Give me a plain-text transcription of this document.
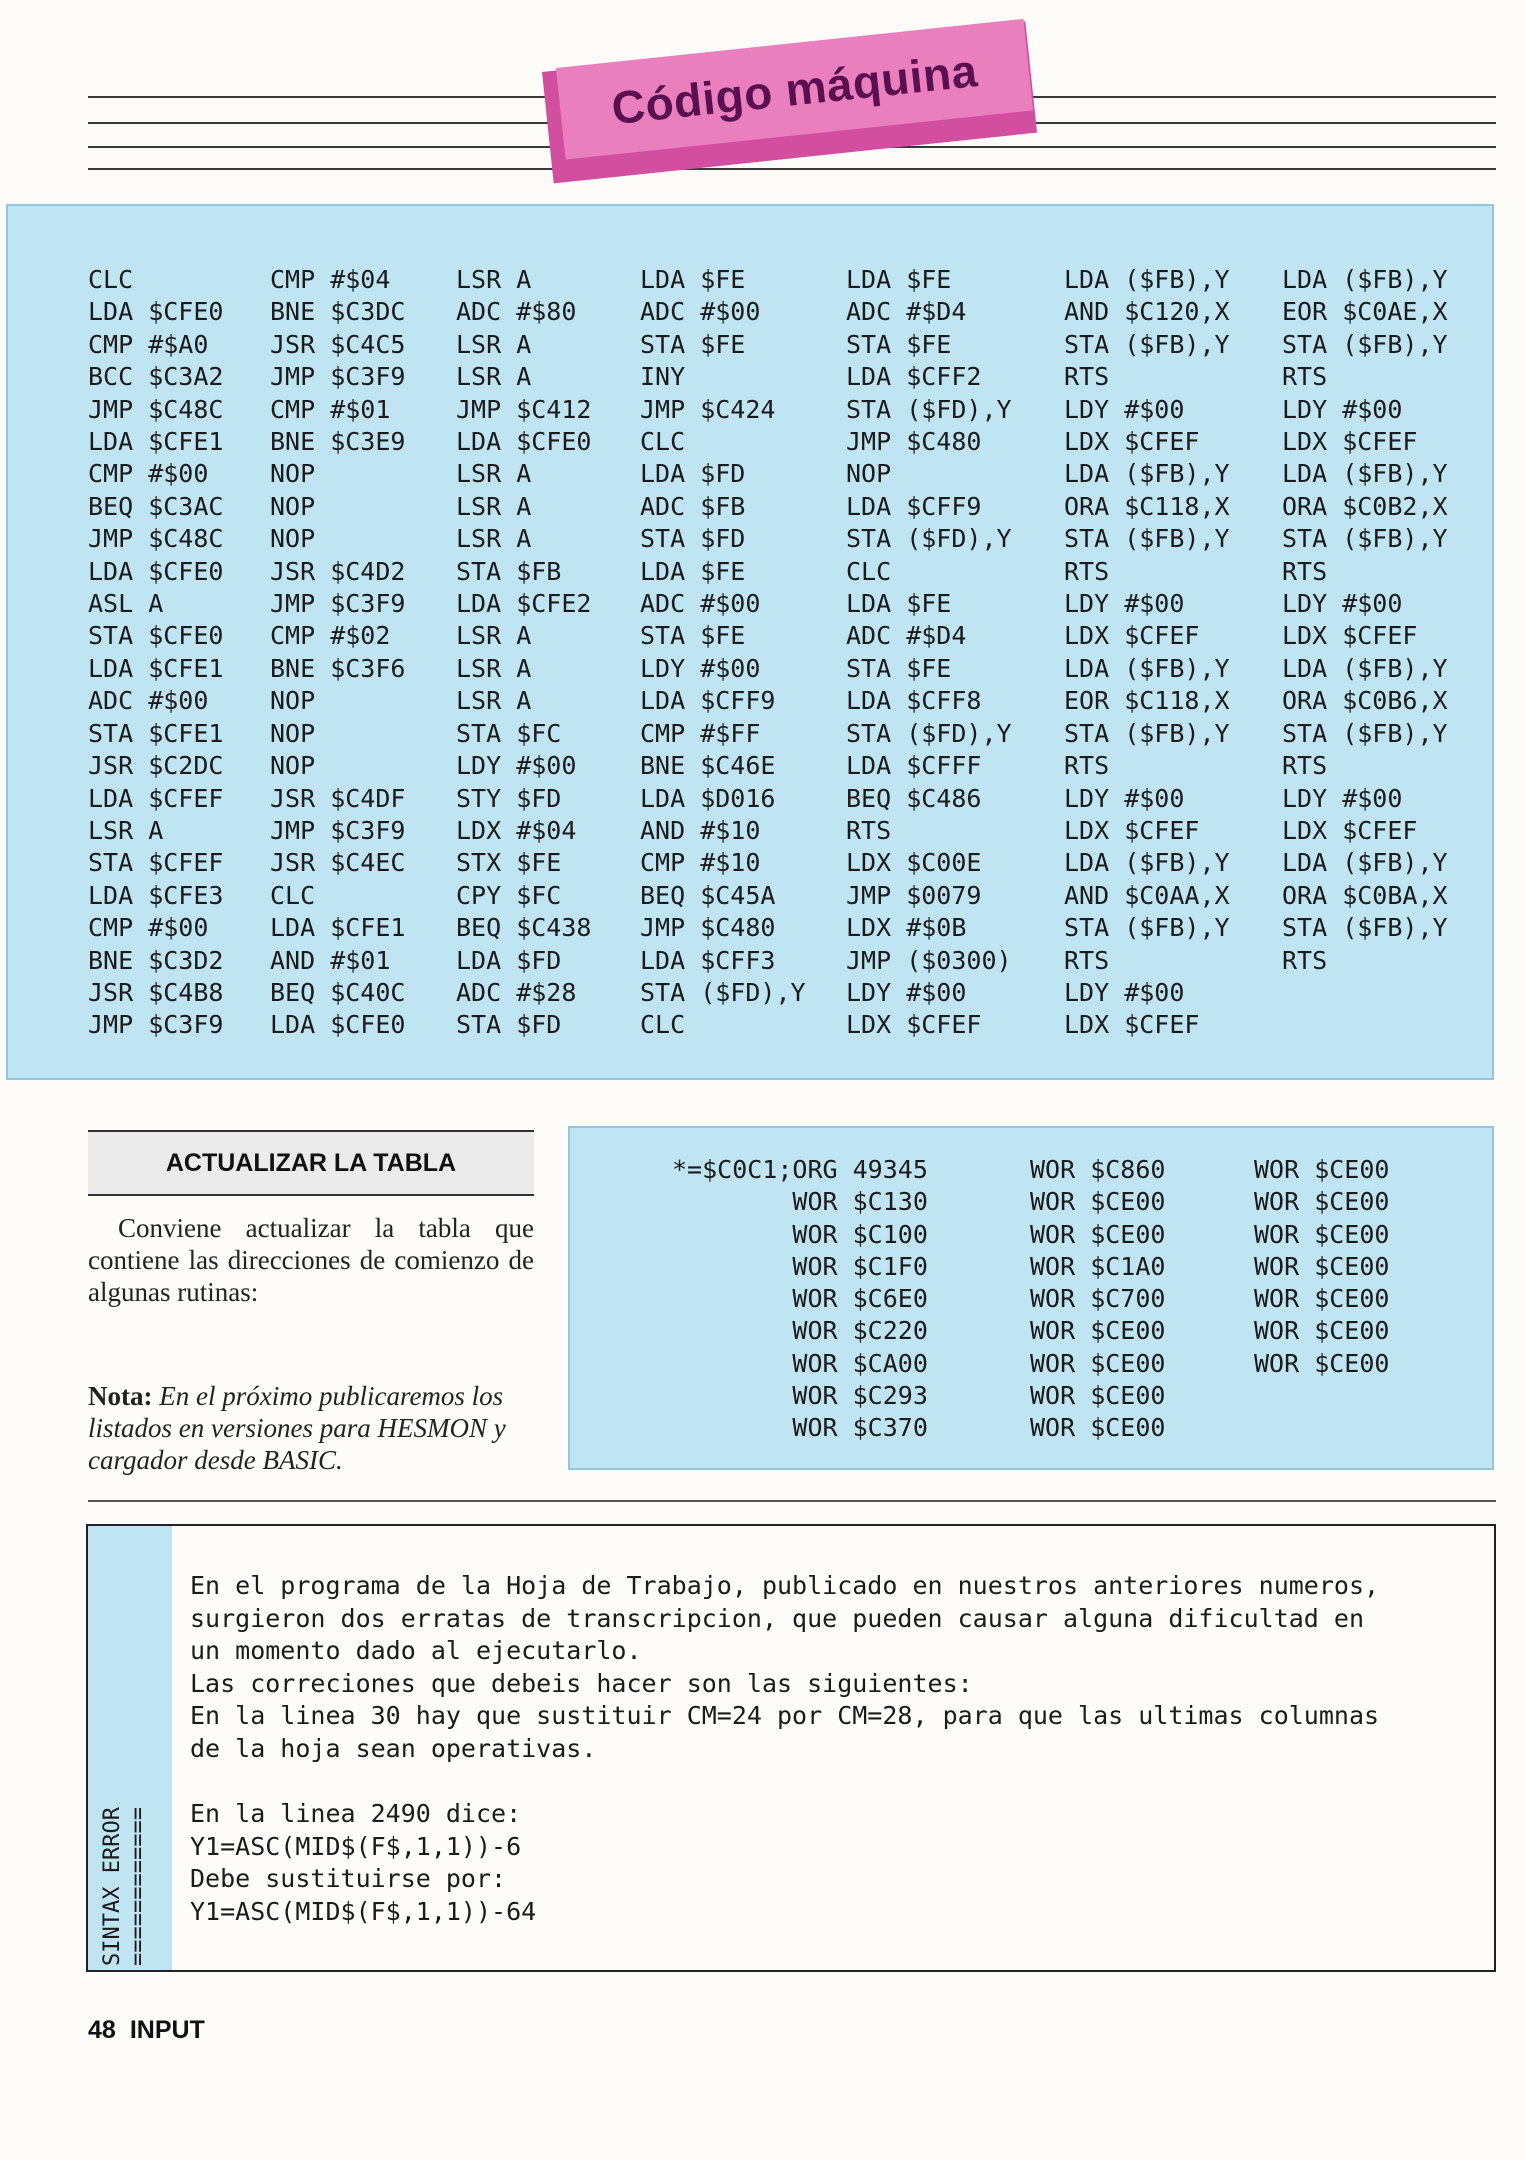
Código máquina
CLC
LDA $CFE0
CMP #$A0
BCC $C3A2
JMP $C48C
LDA $CFE1
CMP #$00
BEQ $C3AC
JMP $C48C
LDA $CFE0
ASL A
STA $CFE0
LDA $CFE1
ADC #$00
STA $CFE1
JSR $C2DC
LDA $CFEF
LSR A
STA $CFEF
LDA $CFE3
CMP #$00
BNE $C3D2
JSR $C4B8
JMP $C3F9
CMP #$04
BNE $C3DC
JSR $C4C5
JMP $C3F9
CMP #$01
BNE $C3E9
NOP
NOP
NOP
JSR $C4D2
JMP $C3F9
CMP #$02
BNE $C3F6
NOP
NOP
NOP
JSR $C4DF
JMP $C3F9
JSR $C4EC
CLC
LDA $CFE1
AND #$01
BEQ $C40C
LDA $CFE0
LSR A
ADC #$80
LSR A
LSR A
JMP $C412
LDA $CFE0
LSR A
LSR A
LSR A
STA $FB
LDA $CFE2
LSR A
LSR A
LSR A
STA $FC
LDY #$00
STY $FD
LDX #$04
STX $FE
CPY $FC
BEQ $C438
LDA $FD
ADC #$28
STA $FD
LDA $FE
ADC #$00
STA $FE
INY
JMP $C424
CLC
LDA $FD
ADC $FB
STA $FD
LDA $FE
ADC #$00
STA $FE
LDY #$00
LDA $CFF9
CMP #$FF
BNE $C46E
LDA $D016
AND #$10
CMP #$10
BEQ $C45A
JMP $C480
LDA $CFF3
STA ($FD),Y
CLC
LDA $FE
ADC #$D4
STA $FE
LDA $CFF2
STA ($FD),Y
JMP $C480
NOP
LDA $CFF9
STA ($FD),Y
CLC
LDA $FE
ADC #$D4
STA $FE
LDA $CFF8
STA ($FD),Y
LDA $CFFF
BEQ $C486
RTS
LDX $C00E
JMP $0079
LDX #$0B
JMP ($0300)
LDY #$00
LDX $CFEF
LDA ($FB),Y
AND $C120,X
STA ($FB),Y
RTS
LDY #$00
LDX $CFEF
LDA ($FB),Y
ORA $C118,X
STA ($FB),Y
RTS
LDY #$00
LDX $CFEF
LDA ($FB),Y
EOR $C118,X
STA ($FB),Y
RTS
LDY #$00
LDX $CFEF
LDA ($FB),Y
AND $C0AA,X
STA ($FB),Y
RTS
LDY #$00
LDX $CFEF
LDA ($FB),Y
EOR $C0AE,X
STA ($FB),Y
RTS
LDY #$00
LDX $CFEF
LDA ($FB),Y
ORA $C0B2,X
STA ($FB),Y
RTS
LDY #$00
LDX $CFEF
LDA ($FB),Y
ORA $C0B6,X
STA ($FB),Y
RTS
LDY #$00
LDX $CFEF
LDA ($FB),Y
ORA $C0BA,X
STA ($FB),Y
RTS
ACTUALIZAR LA TABLA

Conviene actualizar la tabla que contiene las direcciones de comienzo de algunas rutinas:

Nota: En el próximo publicaremos los listados en versiones para HESMON y cargador desde BASIC.

*=$C0C1;ORG 49345
WOR $C130
WOR $C100
WOR $C1F0
WOR $C6E0
WOR $C220
WOR $CA00
WOR $C293
WOR $C370
WOR $C860
WOR $CE00
WOR $CE00
WOR $C1A0
WOR $C700
WOR $CE00
WOR $CE00
WOR $CE00
WOR $CE00
WOR $CE00
WOR $CE00
WOR $CE00
WOR $CE00
WOR $CE00
WOR $CE00
WOR $CE00
SINTAX ERROR
============
En el programa de la Hoja de Trabajo, publicado en nuestros anteriores numeros,
surgieron dos erratas de transcripcion, que pueden causar alguna dificultad en
un momento dado al ejecutarlo.
Las correciones que debeis hacer son las siguientes:
En la linea 30 hay que sustituir CM=24 por CM=28, para que las ultimas columnas
de la hoja sean operativas.

En la linea 2490 dice:
Y1=ASC(MID$(F$,1,1))-6
Debe sustituirse por:
Y1=ASC(MID$(F$,1,1))-64
48 INPUT
